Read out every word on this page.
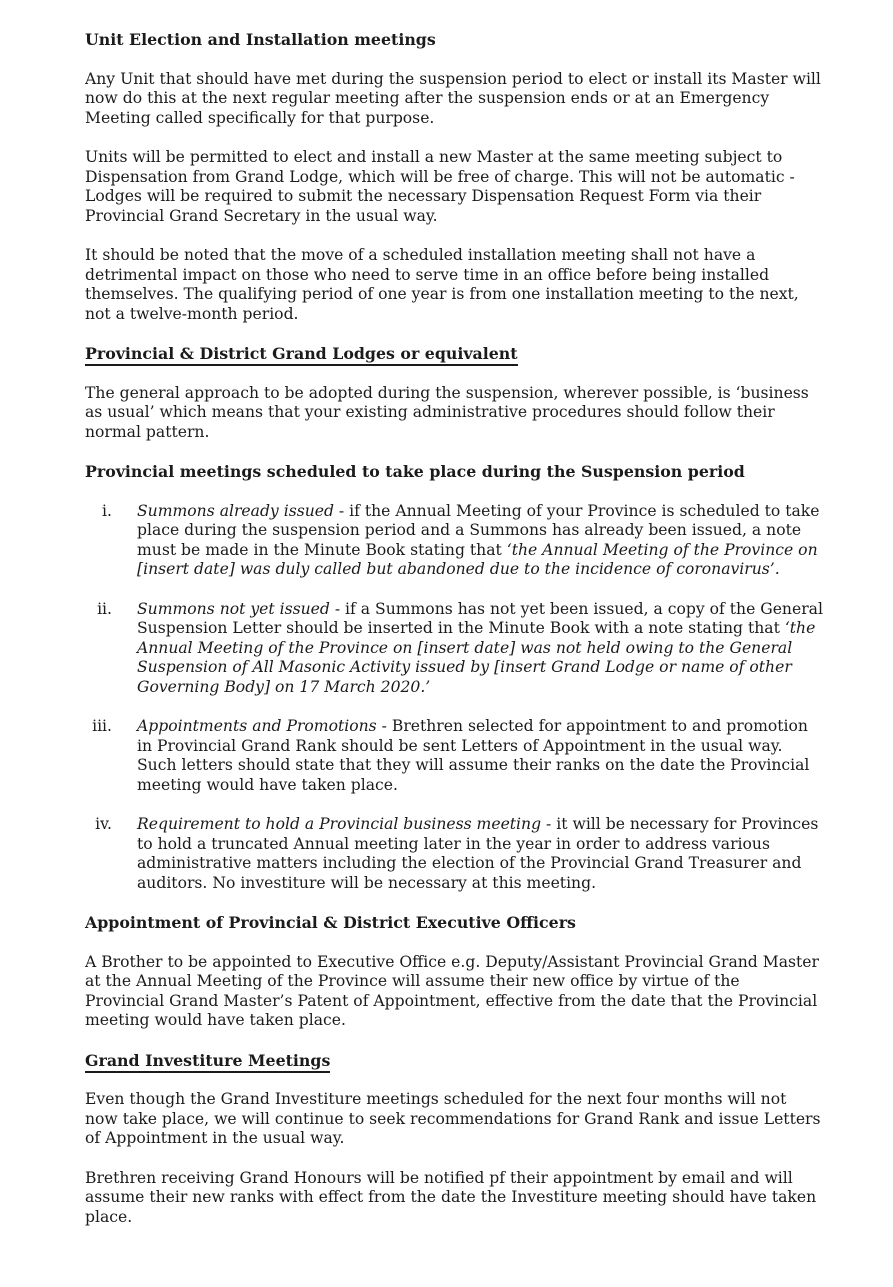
Unit Election and Installation meetings

Any Unit that should have met during the suspension period to elect or install its Master will now do this at the next regular meeting after the suspension ends or at an Emergency Meeting called specifically for that purpose.

Units will be permitted to elect and install a new Master at the same meeting subject to Dispensation from Grand Lodge, which will be free of charge. This will not be automatic - Lodges will be required to submit the necessary Dispensation Request Form via their Provincial Grand Secretary in the usual way.

It should be noted that the move of a scheduled installation meeting shall not have a detrimental impact on those who need to serve time in an office before being installed themselves. The qualifying period of one year is from one installation meeting to the next, not a twelve-month period.

Provincial & District Grand Lodges or equivalent

The general approach to be adopted during the suspension, wherever possible, is ‘business as usual’ which means that your existing administrative procedures should follow their normal pattern.

Provincial meetings scheduled to take place during the Suspension period
i. Summons already issued - if the Annual Meeting of your Province is scheduled to take place during the suspension period and a Summons has already been issued, a note must be made in the Minute Book stating that ‘the Annual Meeting of the Province on [insert date] was duly called but abandoned due to the incidence of coronavirus’.

ii. Summons not yet issued - if a Summons has not yet been issued, a copy of the General Suspension Letter should be inserted in the Minute Book with a note stating that ‘the Annual Meeting of the Province on [insert date] was not held owing to the General Suspension of All Masonic Activity issued by [insert Grand Lodge or name of other Governing Body] on 17 March 2020.’

iii. Appointments and Promotions - Brethren selected for appointment to and promotion in Provincial Grand Rank should be sent Letters of Appointment in the usual way. Such letters should state that they will assume their ranks on the date the Provincial meeting would have taken place.

iv. Requirement to hold a Provincial business meeting - it will be necessary for Provinces to hold a truncated Annual meeting later in the year in order to address various administrative matters including the election of the Provincial Grand Treasurer and auditors. No investiture will be necessary at this meeting.

Appointment of Provincial & District Executive Officers

A Brother to be appointed to Executive Office e.g. Deputy/Assistant Provincial Grand Master at the Annual Meeting of the Province will assume their new office by virtue of the Provincial Grand Master’s Patent of Appointment, effective from the date that the Provincial meeting would have taken place.

Grand Investiture Meetings

Even though the Grand Investiture meetings scheduled for the next four months will not now take place, we will continue to seek recommendations for Grand Rank and issue Letters of Appointment in the usual way.

Brethren receiving Grand Honours will be notified pf their appointment by email and will assume their new ranks with effect from the date the Investiture meeting should have taken place.
